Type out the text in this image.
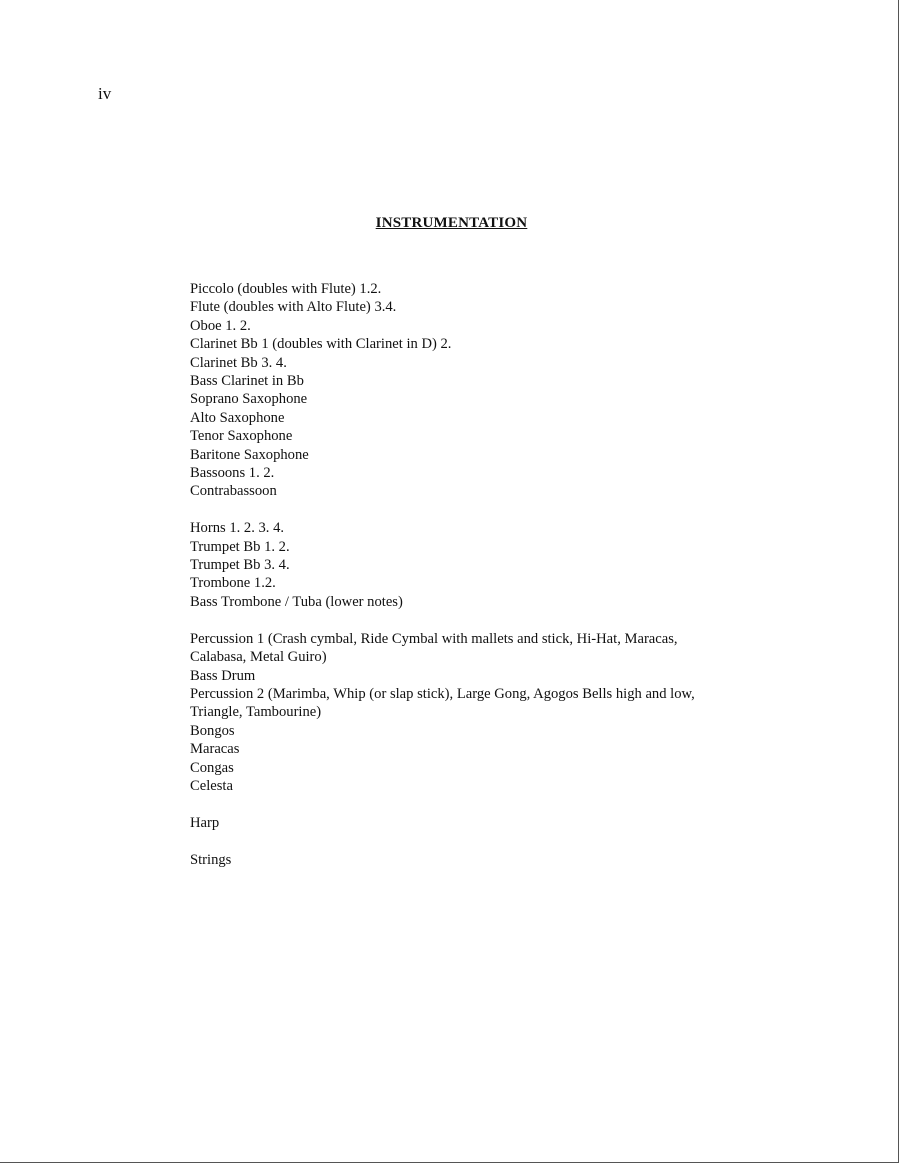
iv
INSTRUMENTATION
Piccolo (doubles with Flute) 1.2.
Flute (doubles with Alto Flute) 3.4.
Oboe 1. 2.
Clarinet Bb 1 (doubles with Clarinet in D) 2.
Clarinet Bb 3. 4.
Bass Clarinet in Bb
Soprano Saxophone
Alto Saxophone
Tenor Saxophone
Baritone Saxophone
Bassoons 1. 2.
Contrabassoon
Horns 1. 2. 3. 4.
Trumpet Bb 1. 2.
Trumpet Bb 3. 4.
Trombone 1.2.
Bass Trombone / Tuba (lower notes)
Percussion 1 (Crash cymbal, Ride Cymbal with mallets and stick, Hi-Hat, Maracas,
Calabasa, Metal Guiro)
Bass Drum
Percussion 2 (Marimba, Whip (or slap stick), Large Gong, Agogos Bells high and low,
Triangle, Tambourine)
Bongos
Maracas
Congas
Celesta
Harp
Strings
